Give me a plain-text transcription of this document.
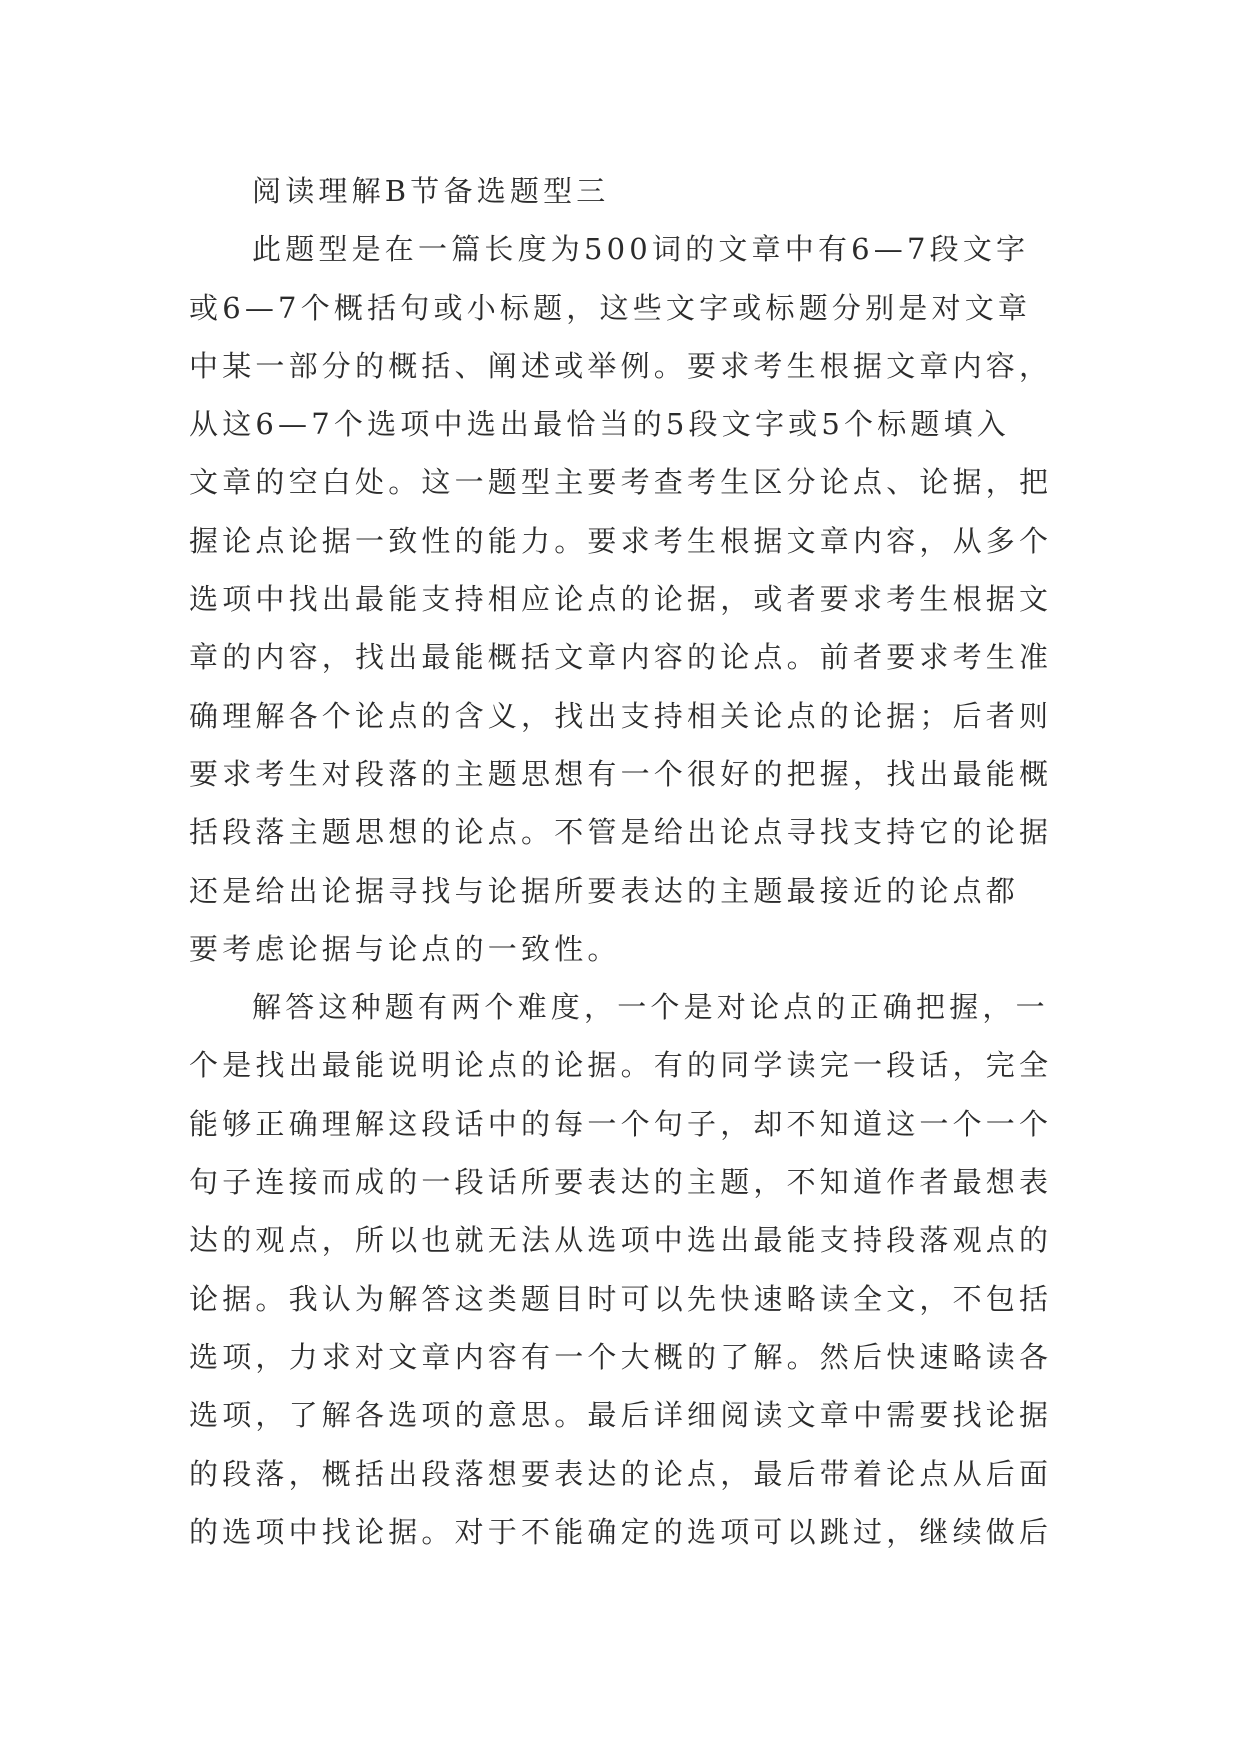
阅读理解B节备选题型三
此题型是在一篇长度为500词的文章中有6—7段文字
或6—7个概括句或小标题，这些文字或标题分别是对文章
中某一部分的概括、阐述或举例。要求考生根据文章内容，
从这6—7个选项中选出最恰当的5段文字或5个标题填入
文章的空白处。这一题型主要考查考生区分论点、论据，把
握论点论据一致性的能力。要求考生根据文章内容，从多个
选项中找出最能支持相应论点的论据，或者要求考生根据文
章的内容，找出最能概括文章内容的论点。前者要求考生准
确理解各个论点的含义，找出支持相关论点的论据；后者则
要求考生对段落的主题思想有一个很好的把握，找出最能概
括段落主题思想的论点。不管是给出论点寻找支持它的论据
还是给出论据寻找与论据所要表达的主题最接近的论点都
要考虑论据与论点的一致性。
解答这种题有两个难度，一个是对论点的正确把握，一
个是找出最能说明论点的论据。有的同学读完一段话，完全
能够正确理解这段话中的每一个句子，却不知道这一个一个
句子连接而成的一段话所要表达的主题，不知道作者最想表
达的观点，所以也就无法从选项中选出最能支持段落观点的
论据。我认为解答这类题目时可以先快速略读全文，不包括
选项，力求对文章内容有一个大概的了解。然后快速略读各
选项，了解各选项的意思。最后详细阅读文章中需要找论据
的段落，概括出段落想要表达的论点，最后带着论点从后面
的选项中找论据。对于不能确定的选项可以跳过，继续做后
